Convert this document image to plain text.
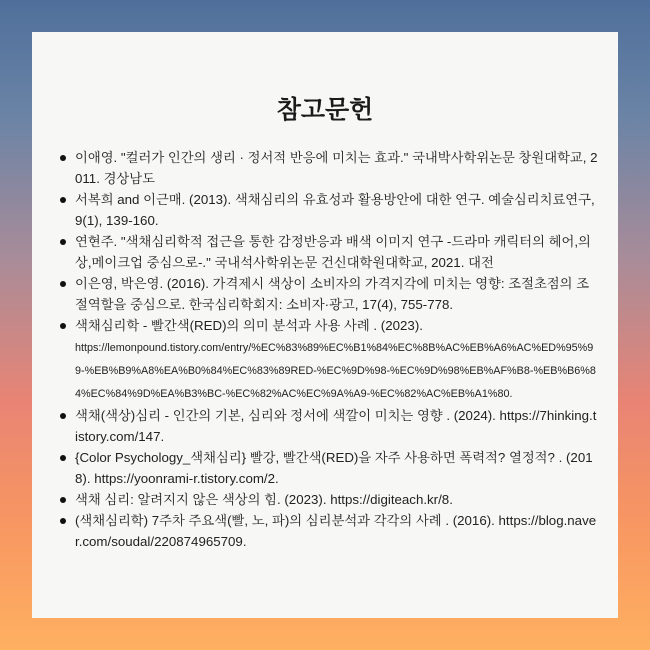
참고문헌
이애영. "컬러가 인간의 생리 · 정서적 반응에 미치는 효과." 국내박사학위논문 창원대학교, 2011. 경상남도
서복희 and 이근매. (2013). 색채심리의 유효성과 활용방안에 대한 연구. 예술심리치료연구, 9(1), 139-160.
연현주. "색채심리학적 접근을 통한 감정반응과 배색 이미지 연구 -드라마 캐릭터의 헤어,의상,메이크업 중심으로-." 국내석사학위논문 건신대학원대학교, 2021. 대전
이은영, 박은영. (2016). 가격제시 색상이 소비자의 가격지각에 미치는 영향: 조절초점의 조절역할을 중심으로. 한국심리학회지: 소비자·광고, 17(4), 755-778.
색채심리학 - 빨간색(RED)의 의미 분석과 사용 사례 . (2023).
https://lemonpound.tistory.com/entry/%EC%83%89%EC%B1%84%EC%8B%AC%EB%A6%AC%ED%95%99-%EB%B9%A8%EA%B0%84%EC%83%89RED-%EC%9D%98-%EC%9D%98%EB%AF%B8-%EB%B6%84%EC%84%9D%EA%B3%BC-%EC%82%AC%EC%9A%A9-%EC%82%AC%EB%A1%80.
색채(색상)심리 - 인간의 기본, 심리와 정서에 색깔이 미치는 영향 . (2024). https://7hinking.tistory.com/147.
{Color Psychology_색채심리} 빨강, 빨간색(RED)을 자주 사용하면 폭력적? 열정적? . (2018). https://yoonrami-r.tistory.com/2.
색채 심리: 알려지지 않은 색상의 힘. (2023). https://digiteach.kr/8.
(색채심리학) 7주차 주요색(빨, 노, 파)의 심리분석과 각각의 사례 . (2016). https://blog.naver.com/soudal/220874965709.
